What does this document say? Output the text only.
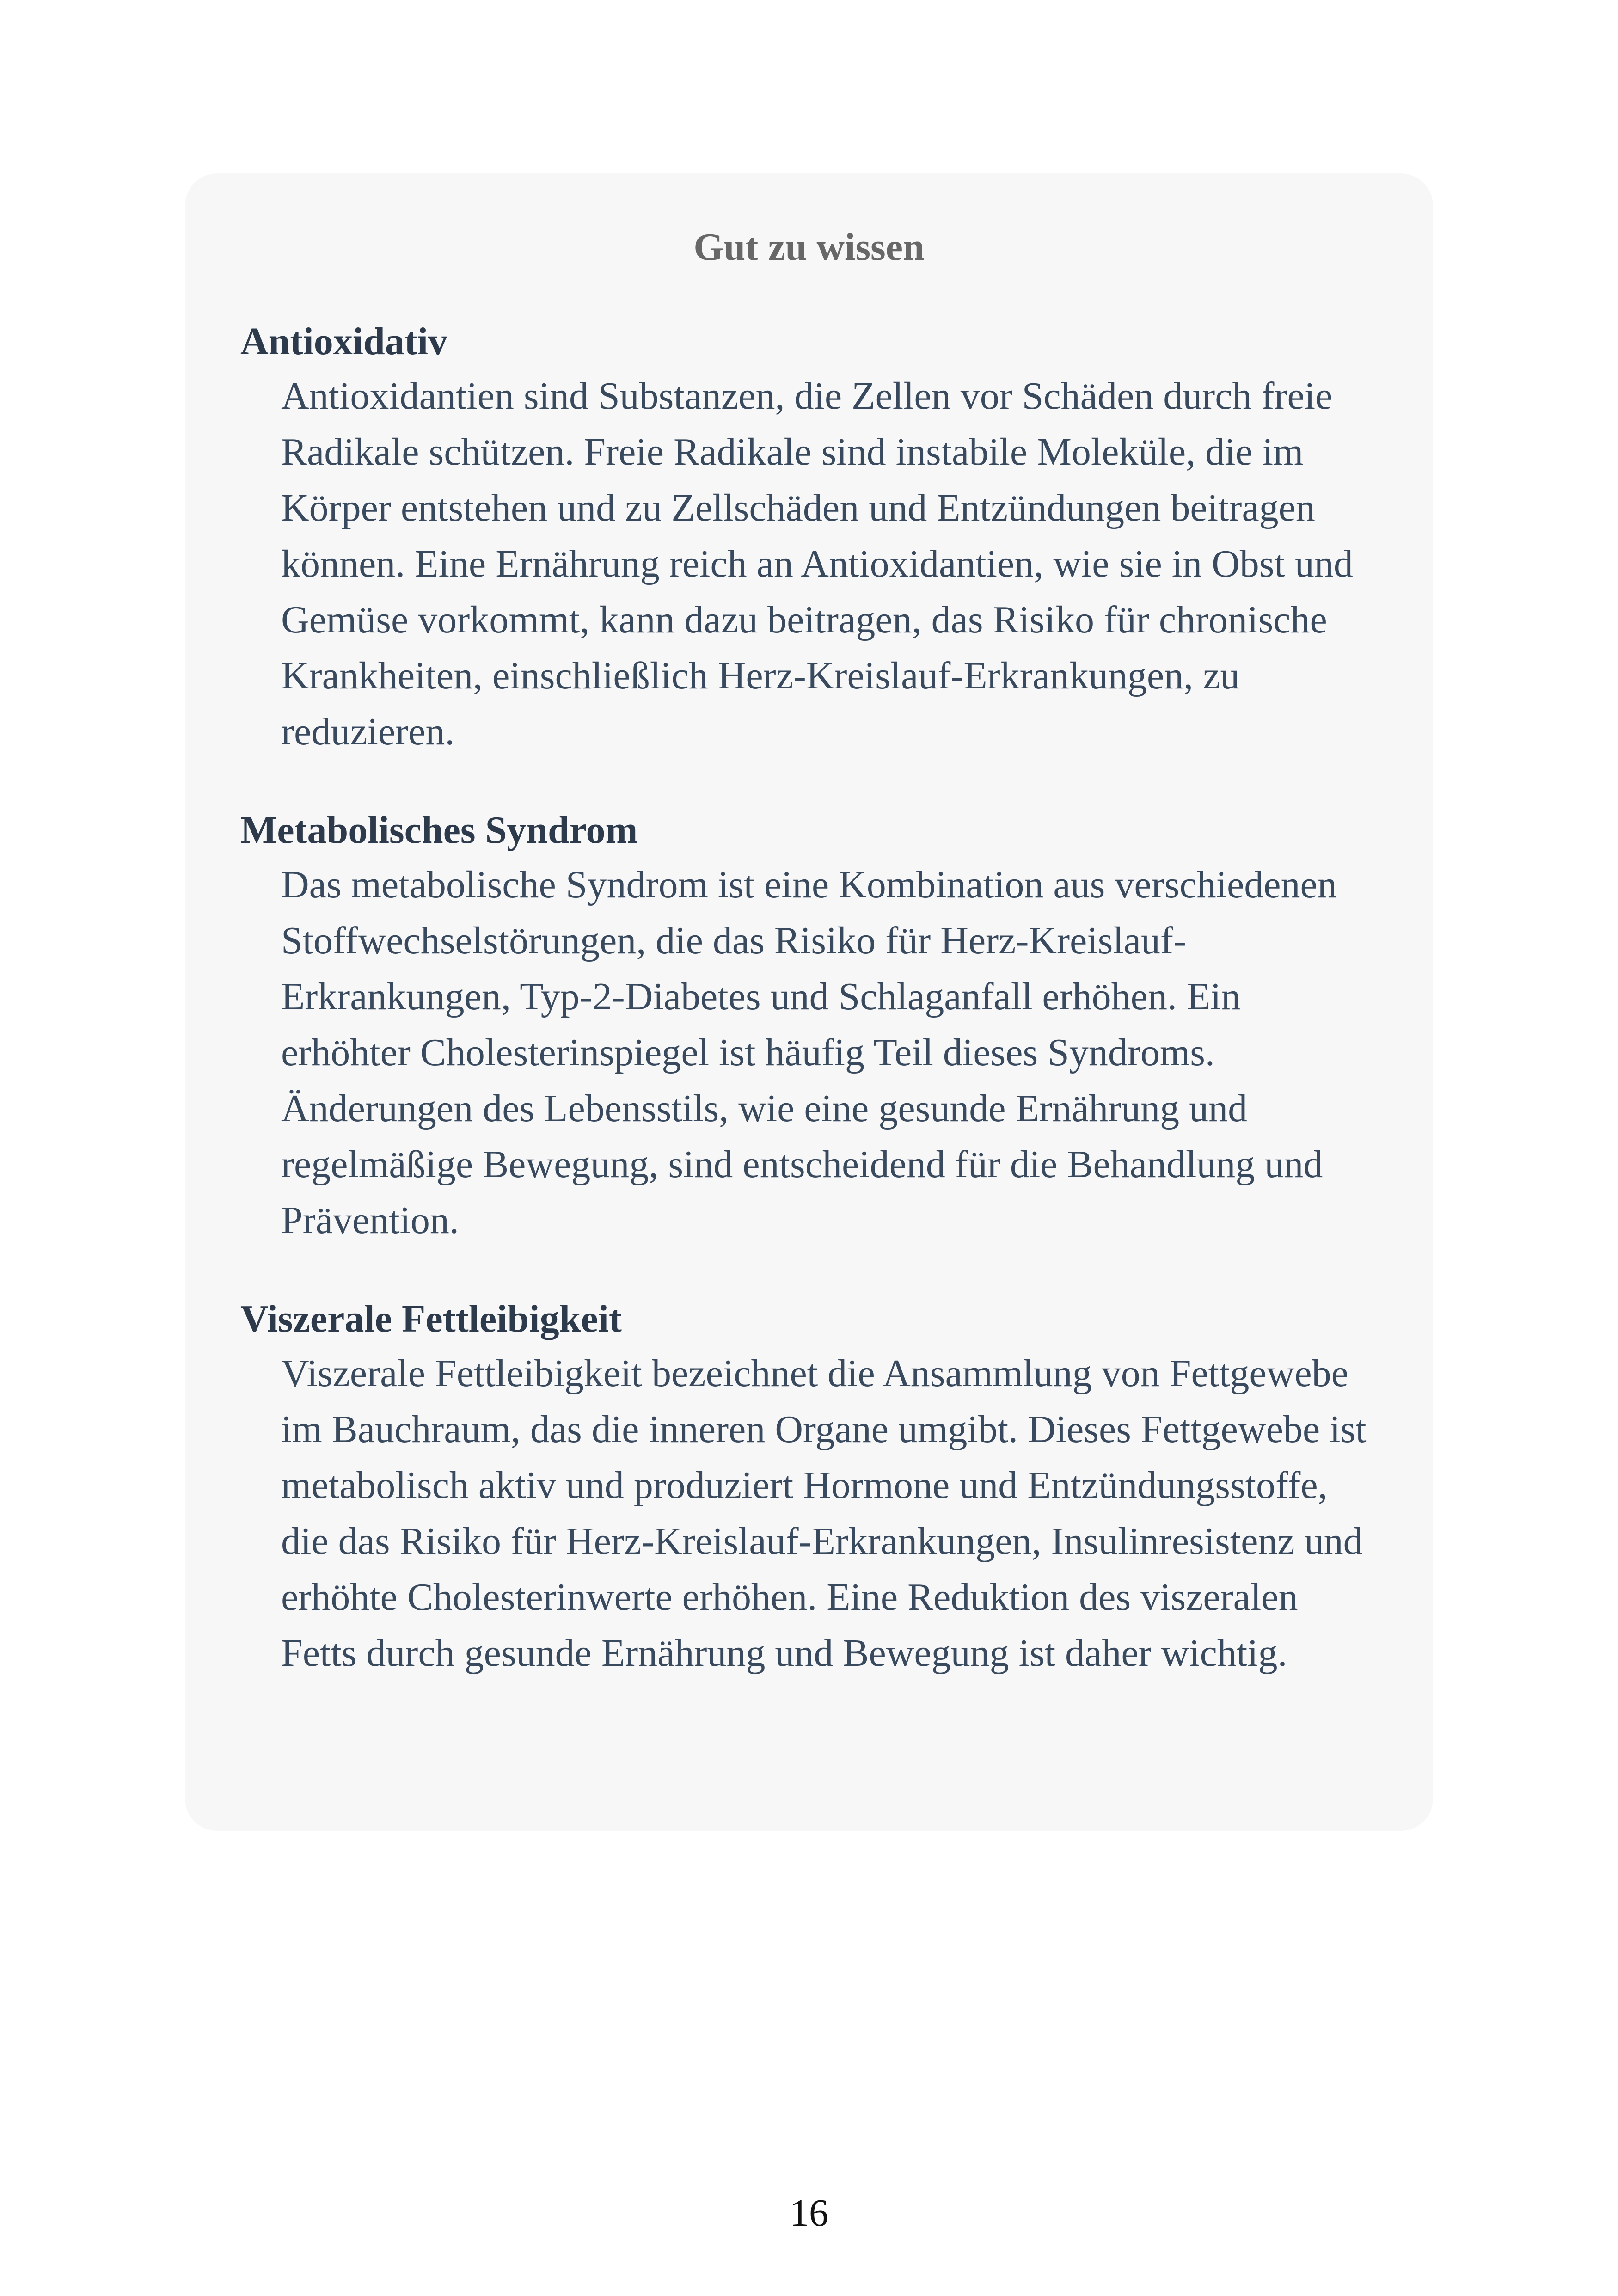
Gut zu wissen
Antioxidativ
Antioxidantien sind Substanzen, die Zellen vor Schäden durch freie Radikale schützen. Freie Radikale sind instabile Moleküle, die im Körper entstehen und zu Zellschäden und Entzündungen beitragen können. Eine Ernährung reich an Antioxidantien, wie sie in Obst und Gemüse vorkommt, kann dazu beitragen, das Risiko für chronische Krankheiten, einschließlich Herz-Kreislauf-Erkrankungen, zu reduzieren.
Metabolisches Syndrom
Das metabolische Syndrom ist eine Kombination aus verschiedenen Stoffwechselstörungen, die das Risiko für Herz-Kreislauf-Erkrankungen, Typ-2-Diabetes und Schlaganfall erhöhen. Ein erhöhter Cholesterinspiegel ist häufig Teil dieses Syndroms. Änderungen des Lebensstils, wie eine gesunde Ernährung und regelmäßige Bewegung, sind entscheidend für die Behandlung und Prävention.
Viszerale Fettleibigkeit
Viszerale Fettleibigkeit bezeichnet die Ansammlung von Fettgewebe im Bauchraum, das die inneren Organe umgibt. Dieses Fettgewebe ist metabolisch aktiv und produziert Hormone und Entzündungsstoffe, die das Risiko für Herz-Kreislauf-Erkrankungen, Insulinresistenz und erhöhte Cholesterinwerte erhöhen. Eine Reduktion des viszeralen Fetts durch gesunde Ernährung und Bewegung ist daher wichtig.
16
